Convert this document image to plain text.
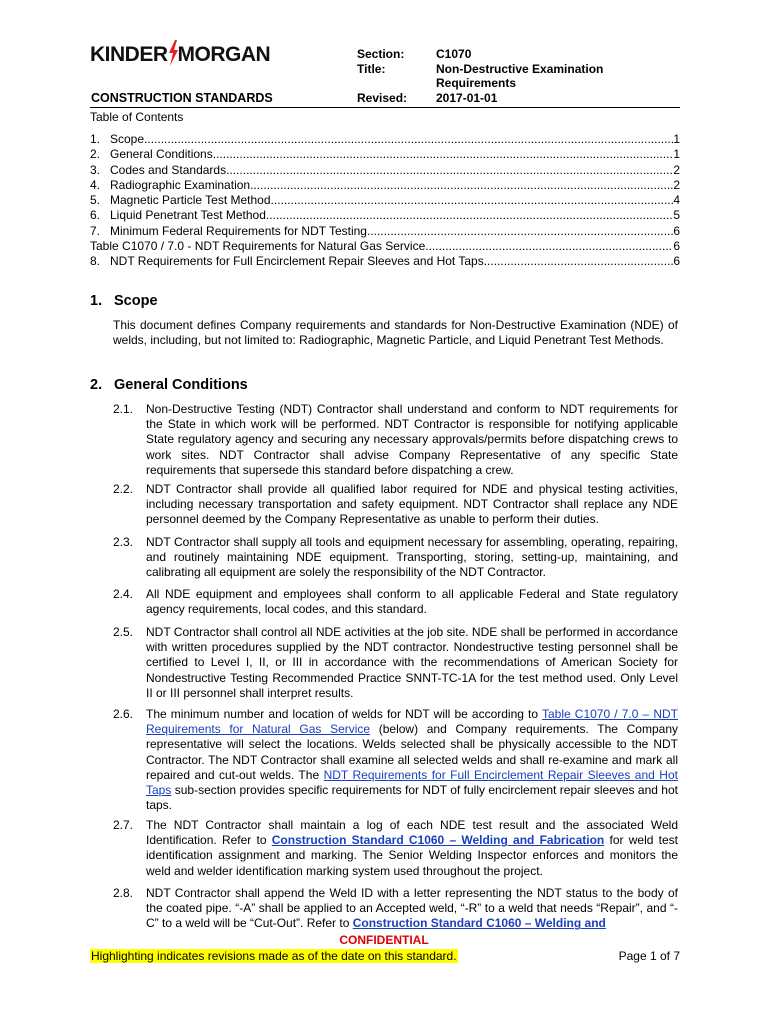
KINDER MORGAN
CONSTRUCTION STANDARDS
Section:	C1070
Title:	Non-Destructive Examination
Requirements
Revised:	2017-01-01
Table of Contents
1. Scope .....	1
2. General Conditions .....	1
3. Codes and Standards .....	2
4. Radiographic Examination .....	2
5. Magnetic Particle Test Method .....	4
6. Liquid Penetrant Test Method .....	5
7. Minimum Federal Requirements for NDT Testing .....	6
Table C1070 / 7.0 - NDT Requirements for Natural Gas Service .....	6
8. NDT Requirements for Full Encirclement Repair Sleeves and Hot Taps .....	6
1. Scope
This document defines Company requirements and standards for Non-Destructive Examination (NDE) of welds, including, but not limited to: Radiographic, Magnetic Particle, and Liquid Penetrant Test Methods.
2. General Conditions
2.1.	Non-Destructive Testing (NDT) Contractor shall understand and conform to NDT requirements for the State in which work will be performed. NDT Contractor is responsible for notifying applicable State regulatory agency and securing any necessary approvals/permits before dispatching crews to work sites. NDT Contractor shall advise Company Representative of any specific State requirements that supersede this standard before dispatching a crew.
2.2.	NDT Contractor shall provide all qualified labor required for NDE and physical testing activities, including necessary transportation and safety equipment. NDT Contractor shall replace any NDE personnel deemed by the Company Representative as unable to perform their duties.
2.3.	NDT Contractor shall supply all tools and equipment necessary for assembling, operating, repairing, and routinely maintaining NDE equipment. Transporting, storing, setting-up, maintaining, and calibrating all equipment are solely the responsibility of the NDT Contractor.
2.4.	All NDE equipment and employees shall conform to all applicable Federal and State regulatory agency requirements, local codes, and this standard.
2.5.	NDT Contractor shall control all NDE activities at the job site. NDE shall be performed in accordance with written procedures supplied by the NDT contractor. Nondestructive testing personnel shall be certified to Level I, II, or III in accordance with the recommendations of American Society for Nondestructive Testing Recommended Practice SNNT-TC-1A for the test method used. Only Level II or III personnel shall interpret results.
2.6.	The minimum number and location of welds for NDT will be according to Table C1070 / 7.0 – NDT Requirements for Natural Gas Service (below) and Company requirements. The Company representative will select the locations. Welds selected shall be physically accessible to the NDT Contractor. The NDT Contractor shall examine all selected welds and shall re-examine and mark all repaired and cut-out welds. The NDT Requirements for Full Encirclement Repair Sleeves and Hot Taps sub-section provides specific requirements for NDT of fully encirclement repair sleeves and hot taps.
2.7.	The NDT Contractor shall maintain a log of each NDE test result and the associated Weld Identification. Refer to Construction Standard C1060 – Welding and Fabrication for weld test identification assignment and marking. The Senior Welding Inspector enforces and monitors the weld and welder identification marking system used throughout the project.
2.8.	NDT Contractor shall append the Weld ID with a letter representing the NDT status to the body of the coated pipe. “-A” shall be applied to an Accepted weld, “-R” to a weld that needs “Repair”, and “-C” to a weld will be “Cut-Out”. Refer to Construction Standard C1060 – Welding and
CONFIDENTIAL
Highlighting indicates revisions made as of the date on this standard.	Page 1 of 7
